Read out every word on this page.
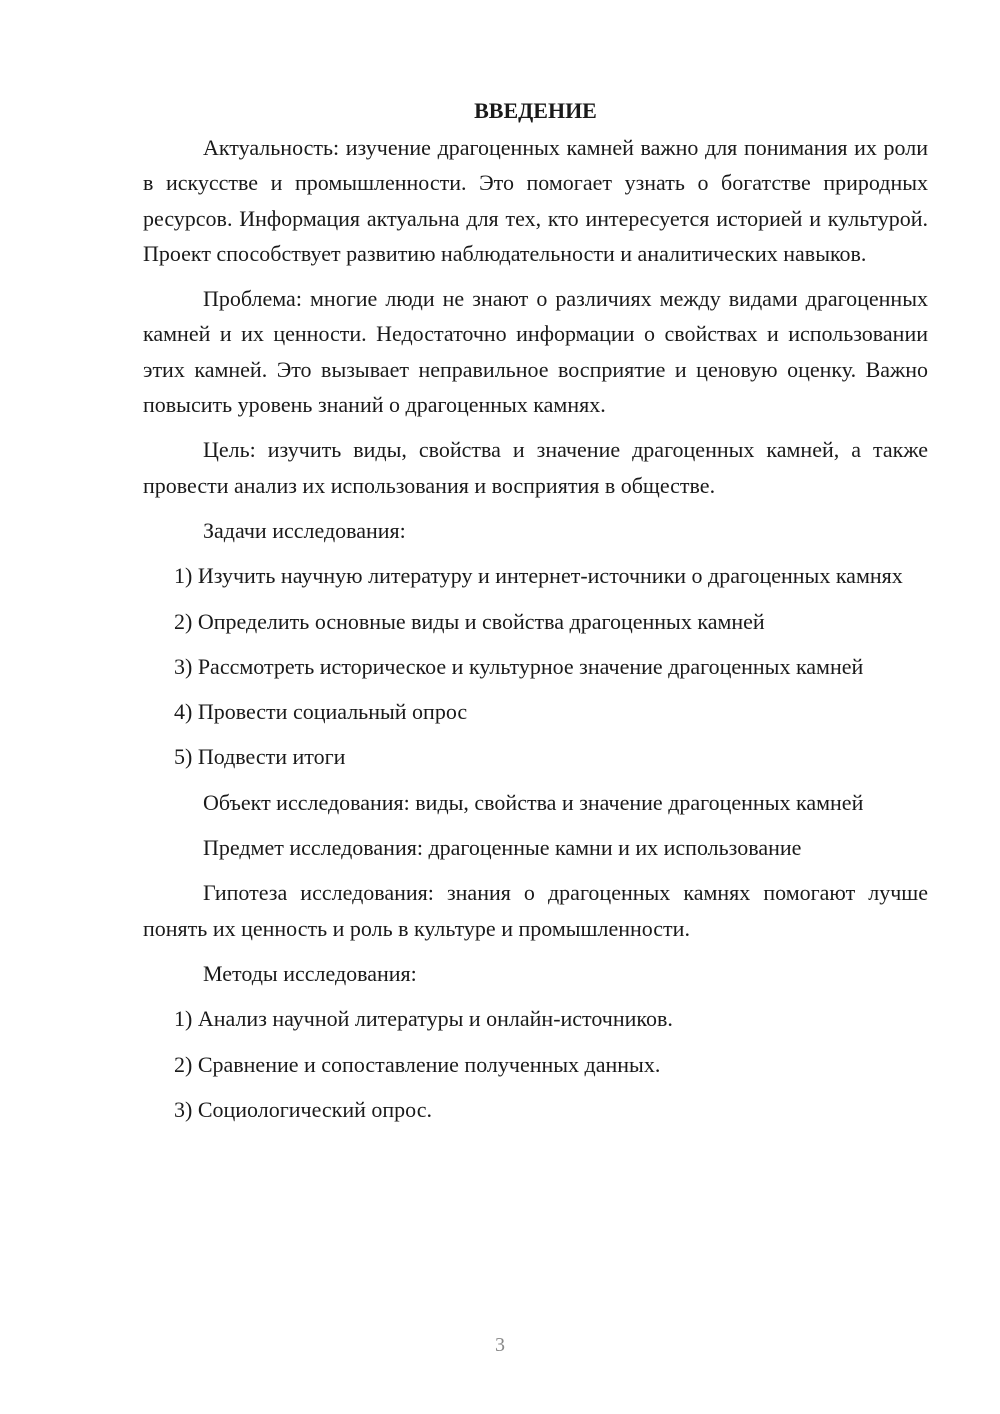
ВВЕДЕНИЕ

Актуальность: изучение драгоценных камней важно для понимания их роли в искусстве и промышленности. Это помогает узнать о богатстве природных ресурсов. Информация актуальна для тех, кто интересуется историей и культурой. Проект способствует развитию наблюдательности и аналитических навыков.

Проблема: многие люди не знают о различиях между видами драгоценных камней и их ценности. Недостаточно информации о свойствах и использовании этих камней. Это вызывает неправильное восприятие и ценовую оценку. Важно повысить уровень знаний о драгоценных камнях.

Цель: изучить виды, свойства и значение драгоценных камней, а также провести анализ их использования и восприятия в обществе.

Задачи исследования:

1) Изучить научную литературу и интернет-источники о драгоценных камнях

2) Определить основные виды и свойства драгоценных камней

3) Рассмотреть историческое и культурное значение драгоценных камней

4) Провести социальный опрос

5) Подвести итоги

Объект исследования: виды, свойства и значение драгоценных камней

Предмет исследования: драгоценные камни и их использование

Гипотеза исследования: знания о драгоценных камнях помогают лучше понять их ценность и роль в культуре и промышленности.

Методы исследования:

1) Анализ научной литературы и онлайн-источников.

2) Сравнение и сопоставление полученных данных.

3) Социологический опрос.

3
